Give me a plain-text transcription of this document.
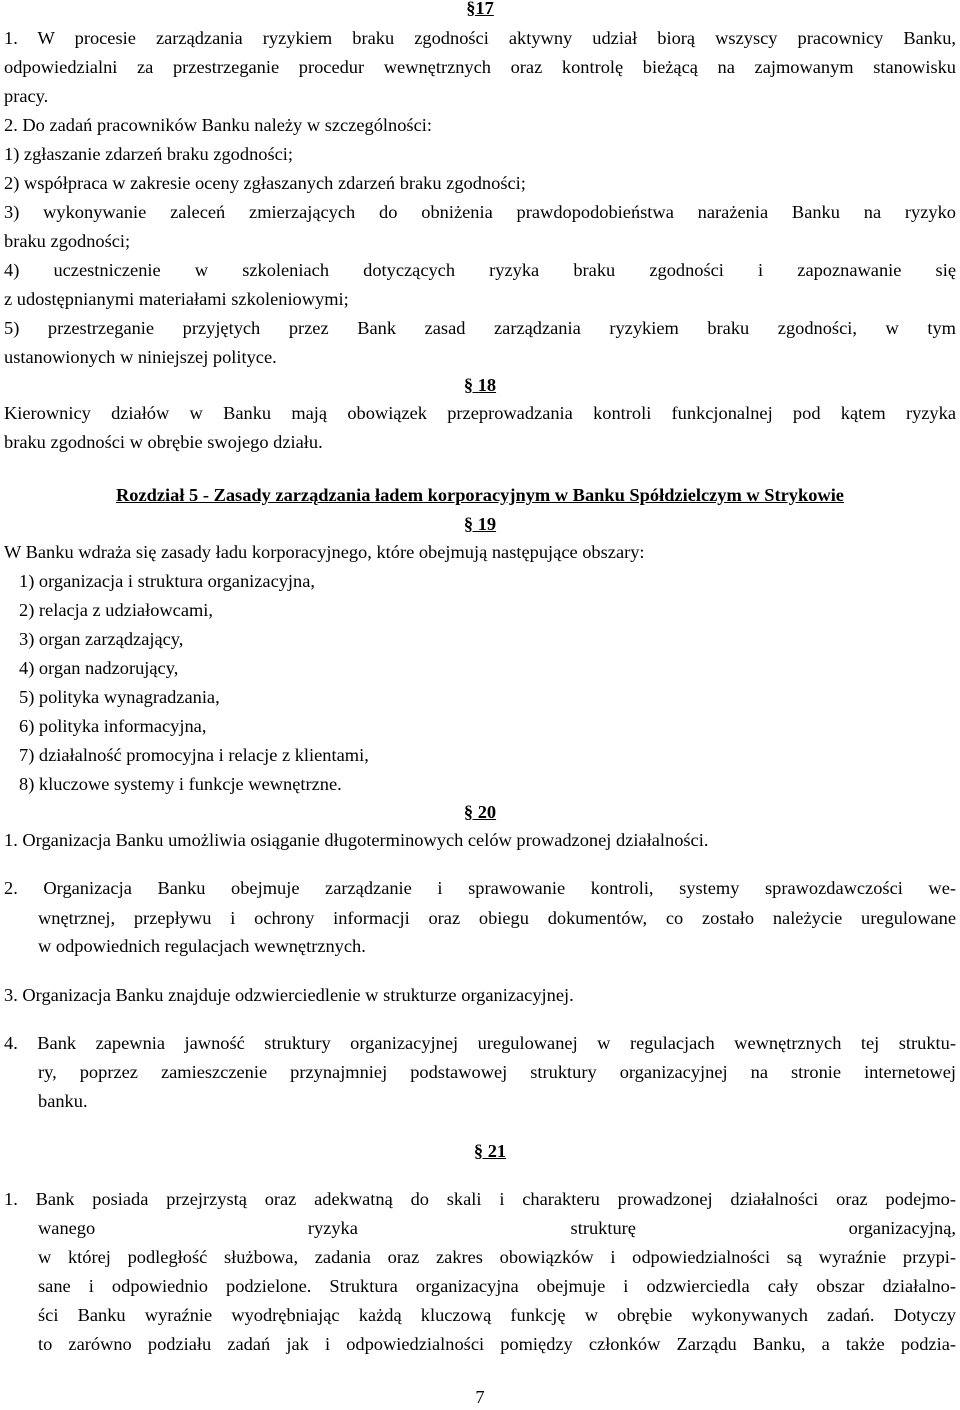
§17
1. W procesie zarządzania ryzykiem braku zgodności aktywny udział biorą wszyscy pracownicy Banku,
odpowiedzialni za przestrzeganie procedur wewnętrznych oraz kontrolę bieżącą na zajmowanym stanowisku
pracy.
2. Do zadań pracowników Banku należy w szczególności:
1) zgłaszanie zdarzeń braku zgodności;
2) współpraca w zakresie oceny zgłaszanych zdarzeń braku zgodności;
3) wykonywanie zaleceń zmierzających do obniżenia prawdopodobieństwa narażenia Banku na ryzyko
braku zgodności;
4) uczestniczenie w szkoleniach dotyczących ryzyka braku zgodności i zapoznawanie się
z udostępnianymi materiałami szkoleniowymi;
5) przestrzeganie przyjętych przez Bank zasad zarządzania ryzykiem braku zgodności, w tym
ustanowionych w niniejszej polityce.
§ 18
Kierownicy działów w Banku mają obowiązek przeprowadzania kontroli funkcjonalnej pod kątem ryzyka
braku zgodności w obrębie swojego działu.
Rozdział 5 - Zasady zarządzania ładem korporacyjnym w Banku Spółdzielczym w Strykowie
§ 19
W Banku wdraża się zasady ładu korporacyjnego, które obejmują następujące obszary:
1) organizacja i struktura organizacyjna,
2) relacja z udziałowcami,
3) organ zarządzający,
4) organ nadzorujący,
5) polityka wynagradzania,
6) polityka informacyjna,
7) działalność promocyjna i relacje z klientami,
8) kluczowe systemy i funkcje wewnętrzne.
§ 20
1. Organizacja Banku umożliwia osiąganie długoterminowych celów prowadzonej działalności.
2. Organizacja Banku obejmuje zarządzanie i sprawowanie kontroli, systemy sprawozdawczości we-
wnętrznej, przepływu i ochrony informacji oraz obiegu dokumentów, co zostało należycie uregulowane
w odpowiednich regulacjach wewnętrznych.
3. Organizacja Banku znajduje odzwierciedlenie w strukturze organizacyjnej.
4. Bank zapewnia jawność struktury organizacyjnej uregulowanej w regulacjach wewnętrznych tej struktu-
ry, poprzez zamieszczenie przynajmniej podstawowej struktury organizacyjnej na stronie internetowej
banku.
§ 21
1. Bank posiada przejrzystą oraz adekwatną do skali i charakteru prowadzonej działalności oraz podejmo-
wanego ryzyka strukturę organizacyjną,
w której podległość służbowa, zadania oraz zakres obowiązków i odpowiedzialności są wyraźnie przypi-
sane i odpowiednio podzielone. Struktura organizacyjna obejmuje i odzwierciedla cały obszar działalno-
ści Banku wyraźnie wyodrębniając każdą kluczową funkcję w obrębie wykonywanych zadań. Dotyczy
to zarówno podziału zadań jak i odpowiedzialności pomiędzy członków Zarządu Banku, a także podzia-
7
